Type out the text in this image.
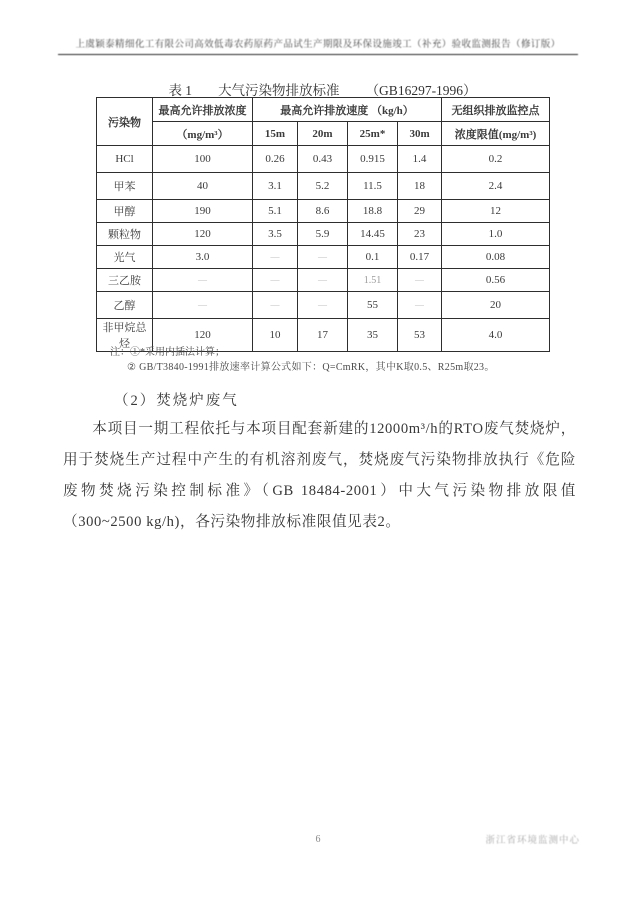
上虞颖泰精细化工有限公司高效低毒农药原药产品试生产期限及环保设施竣工（补充）验收监测报告（修订版）
表 1 大气污染物排放标准 （GB16297-1996）
污染物	最高允许排放浓度	最高允许排放速度 （kg/h）				无组织排放监控点
	（mg/m³）	15m	20m	25m*	30m	浓度限值(mg/m³)
HCl	100	0.26	0.43	0.915	1.4	0.2
甲苯	40	3.1	5.2	11.5	18	2.4
甲醇	190	5.1	8.6	18.8	29	12
颗粒物	120	3.5	5.9	14.45	23	1.0
光气	3.0	—	—	0.1	0.17	0.08
三乙胺	—	—	—	1.51	—	0.56
乙醇	—	—	—	55	—	20
非甲烷总烃	120	10	17	35	53	4.0
注：①*采用内插法计算；
② GB/T3840-1991排放速率计算公式如下：Q=CmRK，其中K取0.5、R25m取23。
（2）焚烧炉废气
本项目一期工程依托与本项目配套新建的12000m³/h的RTO废气焚烧炉，用于焚烧生产过程中产生的有机溶剂废气，焚烧废气污染物排放执行《危险废物焚烧污染控制标准》（GB 18484-2001）中大气污染物排放限值（300~2500 kg/h)，各污染物排放标准限值见表2。
6	浙江省环境监测中心
